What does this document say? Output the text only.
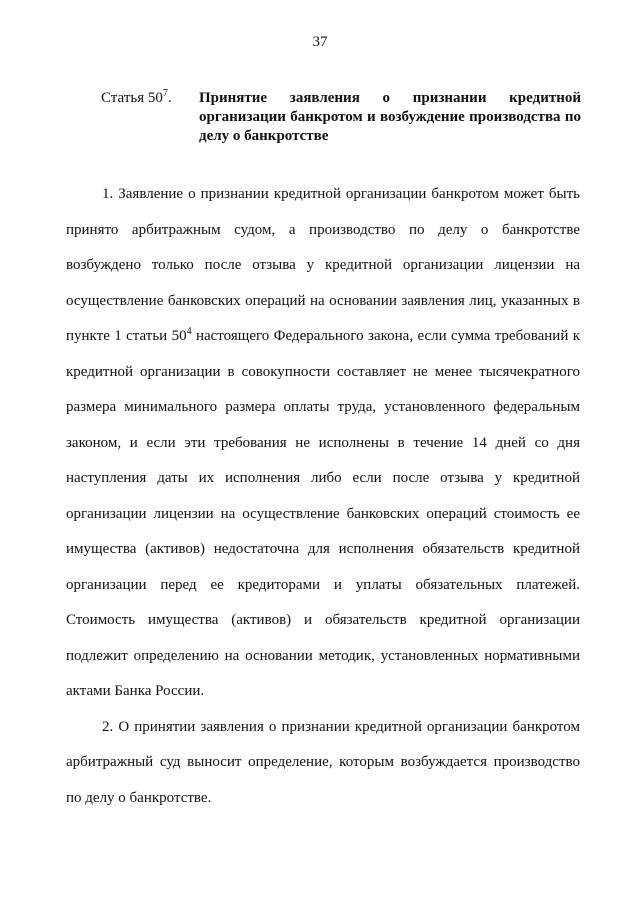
37
Статья $50^7$.	Принятие заявления о признании кредитной организации банкротом и возбуждение производства по делу о банкротстве

1. Заявление о признании кредитной организации банкротом может быть принято арбитражным судом, а производство по делу о банкротстве возбуждено только после отзыва у кредитной организации лицензии на осуществление банковских операций на основании заявления лиц, указанных в пункте 1 статьи $50^4$ настоящего Федерального закона, если сумма требований к кредитной организации в совокупности составляет не менее тысячекратного размера минимального размера оплаты труда, установленного федеральным законом, и если эти требования не исполнены в течение 14 дней со дня наступления даты их исполнения либо если после отзыва у кредитной организации лицензии на осуществление банковских операций стоимость ее имущества (активов) недостаточна для исполнения обязательств кредитной организации перед ее кредиторами и уплаты обязательных платежей. Стоимость имущества (активов) и обязательств кредитной организации подлежит определению на основании методик, установленных нормативными актами Банка России.

2. О принятии заявления о признании кредитной организации банкротом арбитражный суд выносит определение, которым возбуждается производство по делу о банкротстве.
